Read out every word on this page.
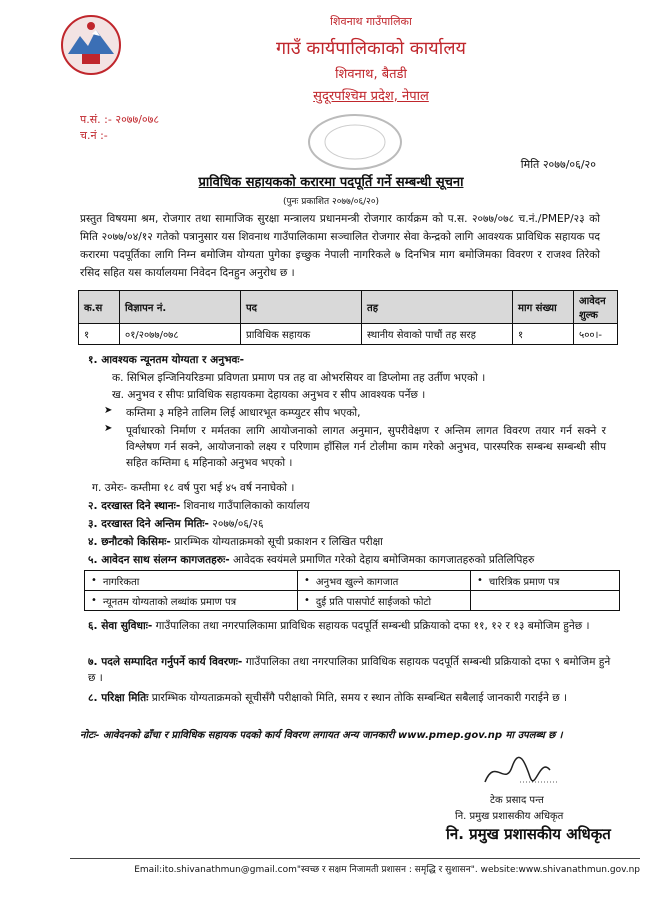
शिवनाथ गाउँपालिका
गाउँ कार्यपालिकाको कार्यालय
शिवनाथ, बैतडी
सुदूरपश्चिम प्रदेश, नेपाल
प.सं. :- २०७७/०७८
च.नं :-
मिति २०७७/०६/२०
प्राविधिक सहायकको करारमा पदपूर्ति गर्ने सम्बन्धी सूचना
(पुनः प्रकाशित २०७७/०६/२०)
प्रस्तुत विषयमा श्रम, रोजगार तथा सामाजिक सुरक्षा मन्त्रालय प्रधानमन्त्री रोजगार कार्यक्रम को प.स. २०७७/०७८ च.नं./PMEP/२३ को मिति २०७७/०४/१२ गतेको पत्रानुसार यस शिवनाथ गाउँपालिकामा सञ्चालित रोजगार सेवा केन्द्रको लागि आवश्यक प्राविधिक सहायक पद करारमा पदपूर्तिका लागि निम्न बमोजिम योग्यता पुगेका इच्छुक नेपाली नागरिकले ७ दिनभित्र माग बमोजिमका विवरण र राजश्व तिरेको रसिद सहित यस कार्यालयमा निवेदन दिनहुन अनुरोध छ ।
क.स	विज्ञापन नं.	पद	तह	माग संख्या	आवेदन शुल्क
१	०१/२०७७/०७८	प्राविधिक सहायक	स्थानीय सेवाको पाचौं तह सरह	१	५००।-
१. आवश्यक न्यूनतम योग्यता र अनुभवः-
क. सिभिल इन्जिनियरिङमा प्रविणता प्रमाण पत्र तह वा ओभरसियर वा डिप्लोमा तह उर्तीण भएको ।
ख. अनुभव र सीपः प्राविधिक सहायकमा देहायका अनुभव र सीप आवश्यक पर्नेछ ।
➤ कम्तिमा ३ महिने तालिम लिई आधारभूत कम्प्युटर सीप भएको,
➤ पूर्वाधारको निर्माण र मर्मतका लागि आयोजनाको लागत अनुमान, सुपरीवेक्षण र अन्तिम लागत विवरण तयार गर्न सक्ने र विश्लेषण गर्न सक्ने, आयोजनाको लक्ष्य र परिणाम हाँसिल गर्न टोलीमा काम गरेको अनुभव, पारस्परिक सम्बन्ध सम्बन्धी सीप सहित कम्तिमा ६ महिनाको अनुभव भएको ।
ग. उमेरः- कम्तीमा १८ वर्ष पुरा भई ४५ वर्ष ननाघेको ।
२. दरखास्त दिने स्थानः- शिवनाथ गाउँपालिकाको कार्यालय
३. दरखास्त दिने अन्तिम मितिः- २०७७/०६/२६
४. छनौटको किसिमः- प्रारम्भिक योग्यताक्रमको सूची प्रकाशन र लिखित परीक्षा
५. आवेदन साथ संलग्न कागजतहरुः- आवेदक स्वयंमले प्रमाणित गरेको देहाय बमोजिमका कागजातहरुको प्रतिलिपिहरु
• नागरिकता	• अनुभव खुल्ने कागजात	• चारित्रिक प्रमाण पत्र

• न्यूनतम योग्यताको लब्धांक प्रमाण पत्र	• दुई प्रति पासपोर्ट साईजको फोटो	

६. सेवा सुविधाः- गाउँपालिका तथा नगरपालिकामा प्राविधिक सहायक पदपूर्ति सम्बन्धी प्रक्रियाको दफा ११, १२ र १३ बमोजिम हुनेछ ।
७. पदले सम्पादित गर्नुपर्ने कार्य विवरणः- गाउँपालिका तथा नगरपालिका प्राविधिक सहायक पदपूर्ति सम्बन्धी प्रक्रियाको दफा ९ बमोजिम हुने छ ।
८. परिक्षा मितिः प्रारम्भिक योग्यताक्रमको सूचीसँगै परीक्षाको मिति, समय र स्थान तोकि सम्बन्धित सबैलाई जानकारी गराईने छ ।
नोटः- आवेदनको ढाँचा र प्राविधिक सहायक पदको कार्य विवरण लगायत अन्य जानकारी www.pmep.gov.np मा उपलब्ध छ ।
टेक प्रसाद पन्त
नि. प्रमुख प्रशासकीय अधिकृत
नि. प्रमुख प्रशासकीय अधिकृत
Email:ito.shivanathmun@gmail.com"स्वच्छ र सक्षम निजामती प्रशासन : समृद्धि र सुशासन". website:www.shivanathmun.gov.np
